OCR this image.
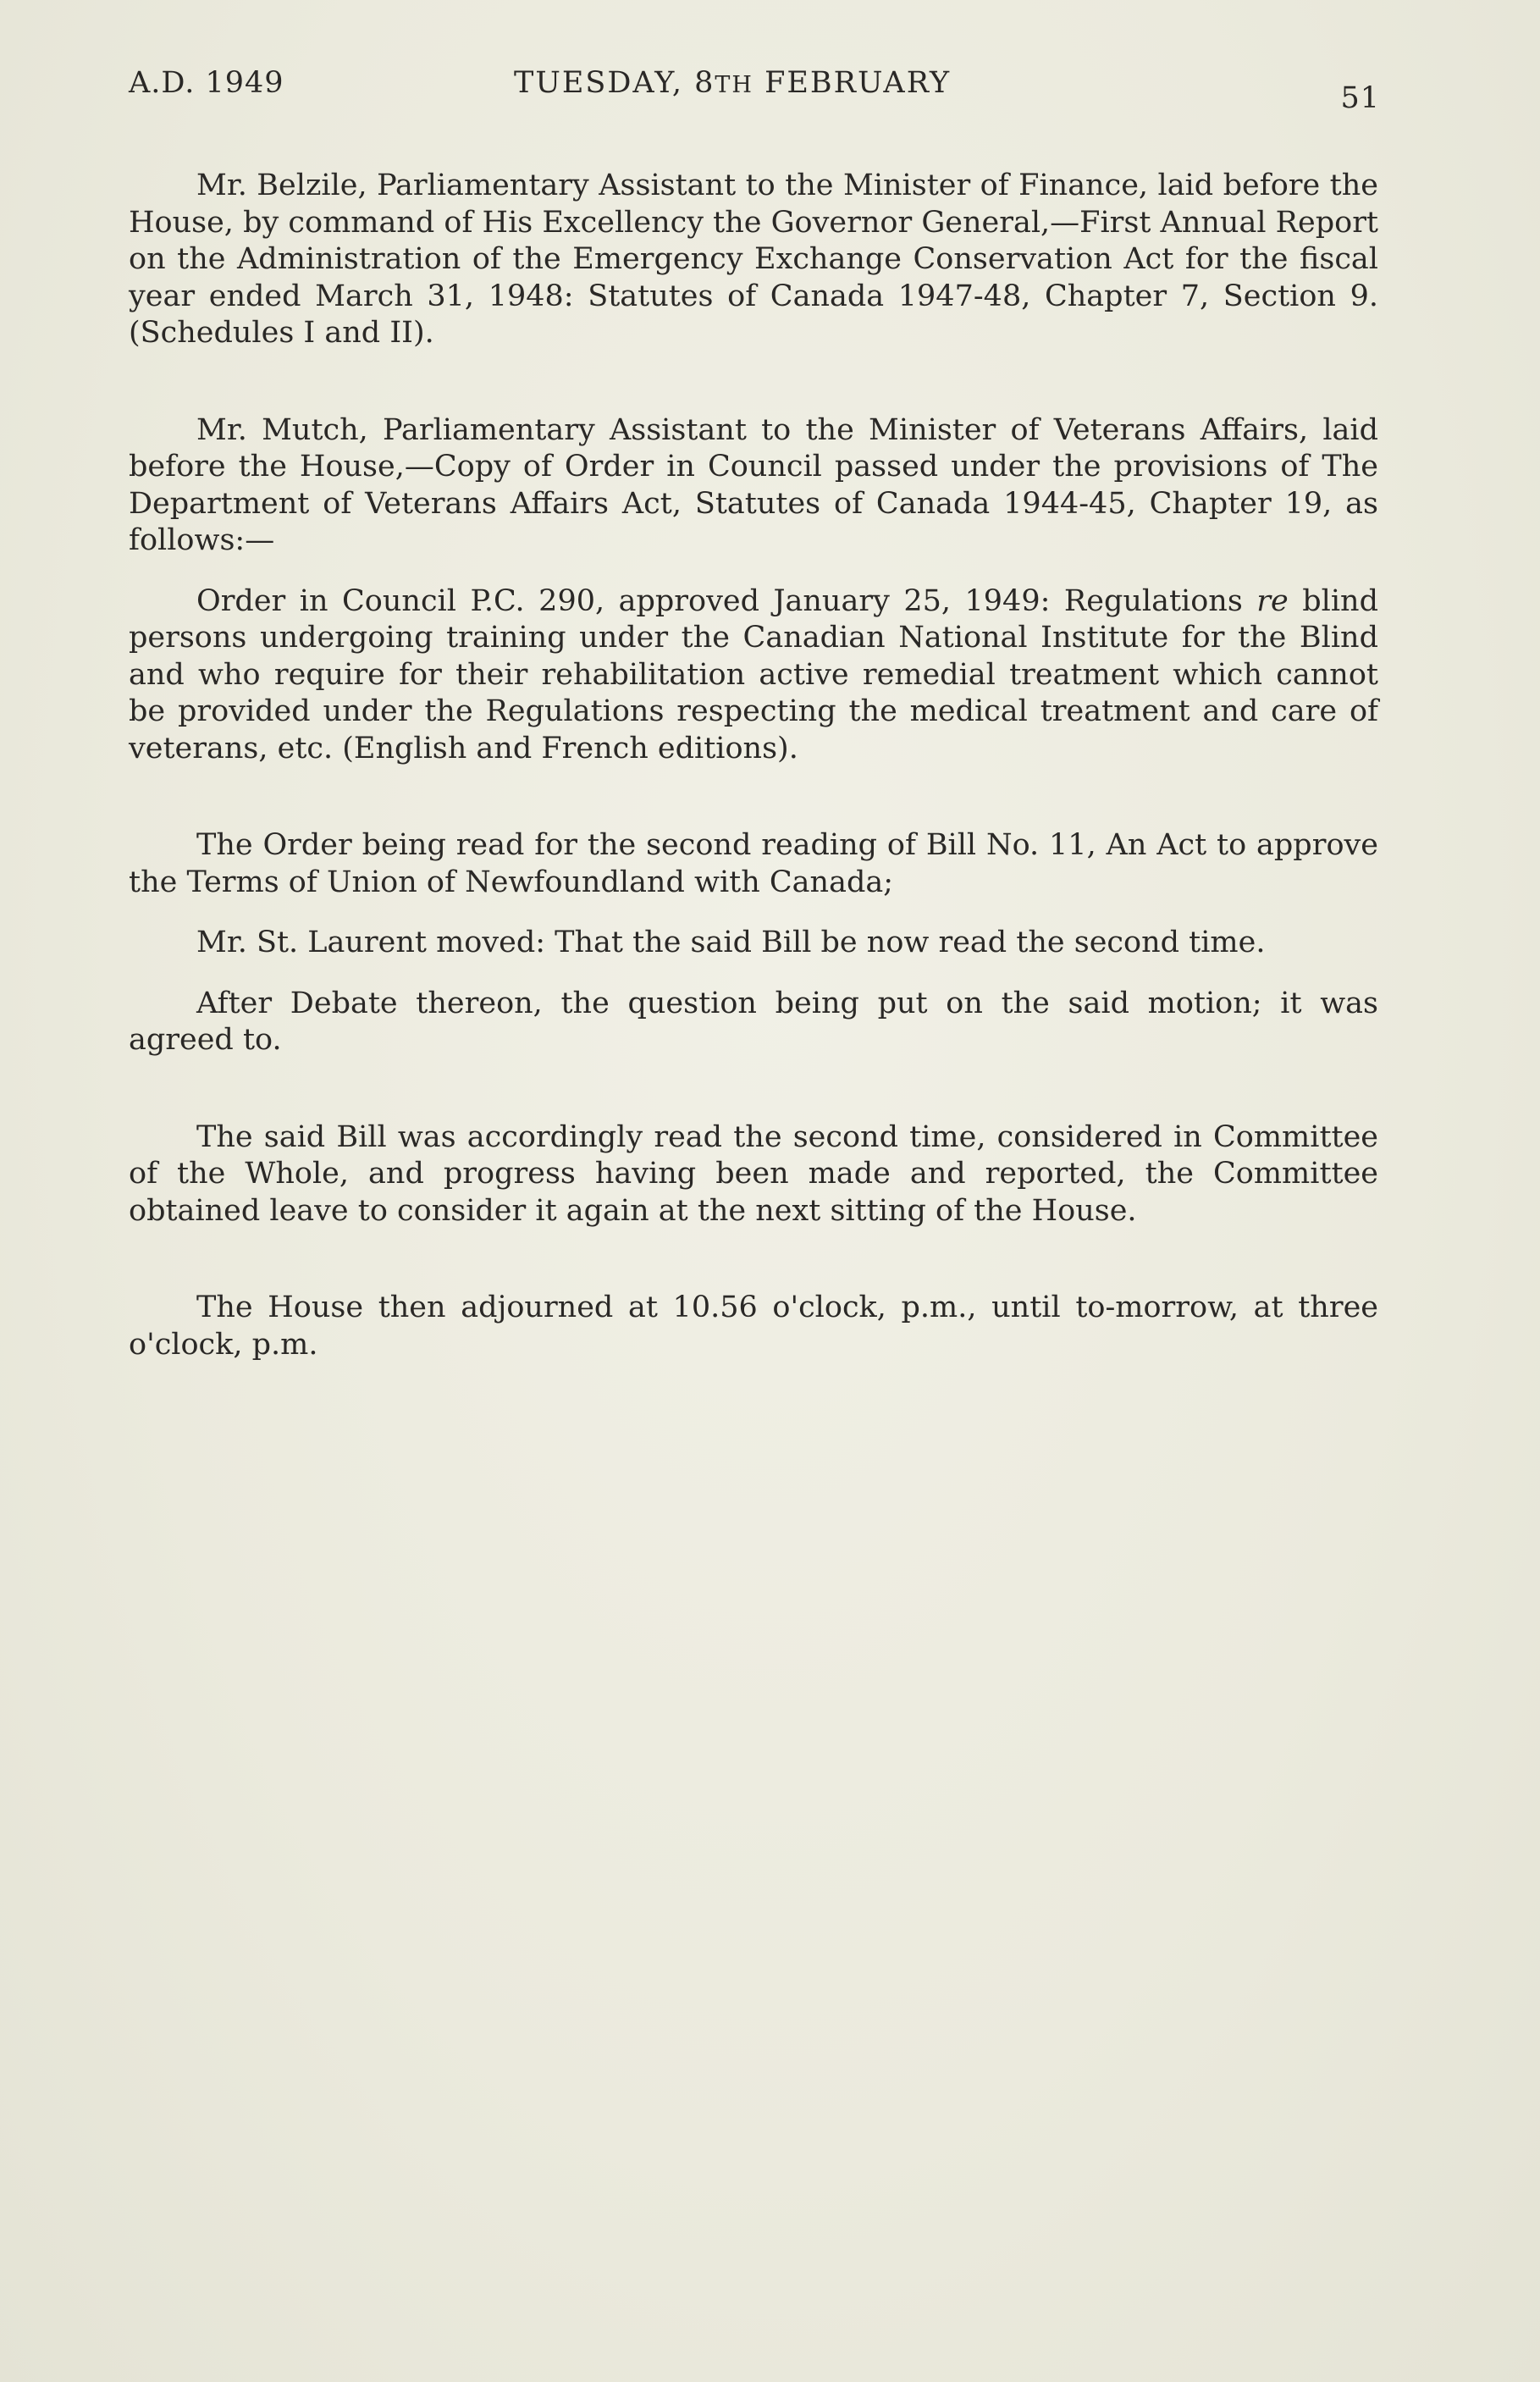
A.D. 1949	TUESDAY, 8TH FEBRUARY	51

Mr. Belzile, Parliamentary Assistant to the Minister of Finance, laid before the House, by command of His Excellency the Governor General,—First Annual Report on the Administration of the Emergency Exchange Conservation Act for the fiscal year ended March 31, 1948: Statutes of Canada 1947-48, Chapter 7, Section 9. (Schedules I and II).

Mr. Mutch, Parliamentary Assistant to the Minister of Veterans Affairs, laid before the House,—Copy of Order in Council passed under the provisions of The Department of Veterans Affairs Act, Statutes of Canada 1944-45, Chapter 19, as follows:—

Order in Council P.C. 290, approved January 25, 1949: Regulations re blind persons undergoing training under the Canadian National Institute for the Blind and who require for their rehabilitation active remedial treatment which cannot be provided under the Regulations respecting the medical treatment and care of veterans, etc. (English and French editions).

The Order being read for the second reading of Bill No. 11, An Act to approve the Terms of Union of Newfoundland with Canada;

Mr. St. Laurent moved: That the said Bill be now read the second time.

After Debate thereon, the question being put on the said motion; it was agreed to.

The said Bill was accordingly read the second time, considered in Committee of the Whole, and progress having been made and reported, the Committee obtained leave to consider it again at the next sitting of the House.

The House then adjourned at 10.56 o'clock, p.m., until to-morrow, at three o'clock, p.m.
